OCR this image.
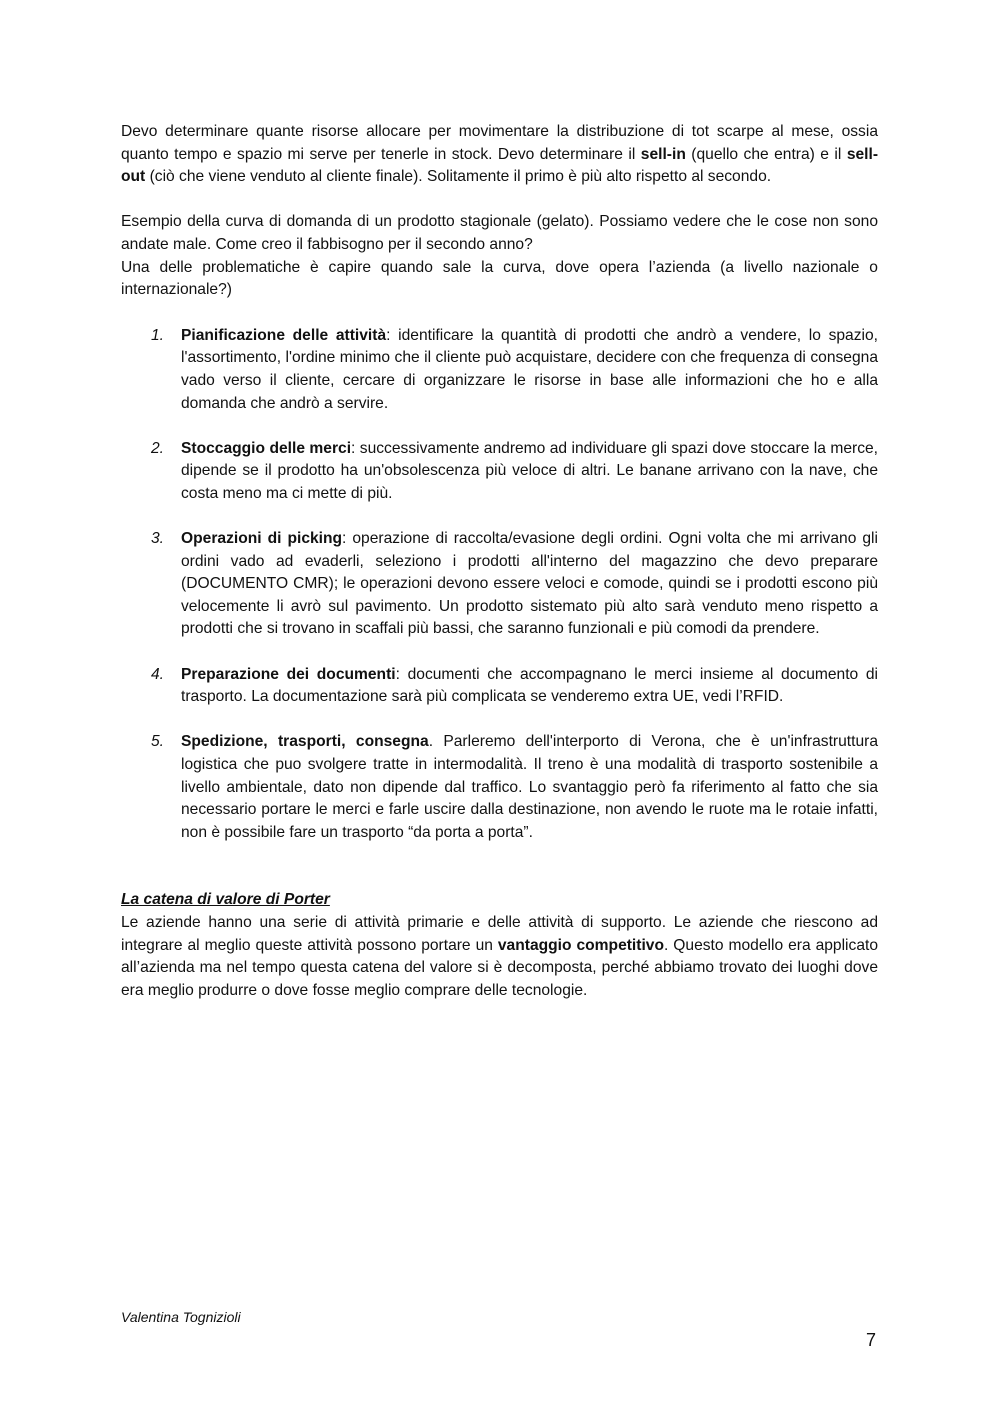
Devo determinare quante risorse allocare per movimentare la distribuzione di tot scarpe al mese, ossia quanto tempo e spazio mi serve per tenerle in stock. Devo determinare il sell-in (quello che entra) e il sell-out (ciò che viene venduto al cliente finale). Solitamente il primo è più alto rispetto al secondo.

Esempio della curva di domanda di un prodotto stagionale (gelato). Possiamo vedere che le cose non sono andate male. Come creo il fabbisogno per il secondo anno?

Una delle problematiche è capire quando sale la curva, dove opera l’azienda (a livello nazionale o internazionale?)

1. Pianificazione delle attività: identificare la quantità di prodotti che andrò a vendere, lo spazio, l'assortimento, l'ordine minimo che il cliente può acquistare, decidere con che frequenza di consegna vado verso il cliente, cercare di organizzare le risorse in base alle informazioni che ho e alla domanda che andrò a servire.
2. Stoccaggio delle merci: successivamente andremo ad individuare gli spazi dove stoccare la merce, dipende se il prodotto ha un'obsolescenza più veloce di altri. Le banane arrivano con la nave, che costa meno ma ci mette di più.
3. Operazioni di picking: operazione di raccolta/evasione degli ordini. Ogni volta che mi arrivano gli ordini vado ad evaderli, seleziono i prodotti all'interno del magazzino che devo preparare (DOCUMENTO CMR); le operazioni devono essere veloci e comode, quindi se i prodotti escono più velocemente li avrò sul pavimento. Un prodotto sistemato più alto sarà venduto meno rispetto a prodotti che si trovano in scaffali più bassi, che saranno funzionali e più comodi da prendere.
4. Preparazione dei documenti: documenti che accompagnano le merci insieme al documento di trasporto. La documentazione sarà più complicata se venderemo extra UE, vedi l’RFID.
5. Spedizione, trasporti, consegna. Parleremo dell'interporto di Verona, che è un'infrastruttura logistica che puo svolgere tratte in intermodalità. Il treno è una modalità di trasporto sostenibile a livello ambientale, dato non dipende dal traffico. Lo svantaggio però fa riferimento al fatto che sia necessario portare le merci e farle uscire dalla destinazione, non avendo le ruote ma le rotaie infatti, non è possibile fare un trasporto “da porta a porta”.

La catena di valore di Porter

Le aziende hanno una serie di attività primarie e delle attività di supporto. Le aziende che riescono ad integrare al meglio queste attività possono portare un vantaggio competitivo. Questo modello era applicato all’azienda ma nel tempo questa catena del valore si è decomposta, perché abbiamo trovato dei luoghi dove era meglio produrre o dove fosse meglio comprare delle tecnologie.

Valentina Tognizioli
7
